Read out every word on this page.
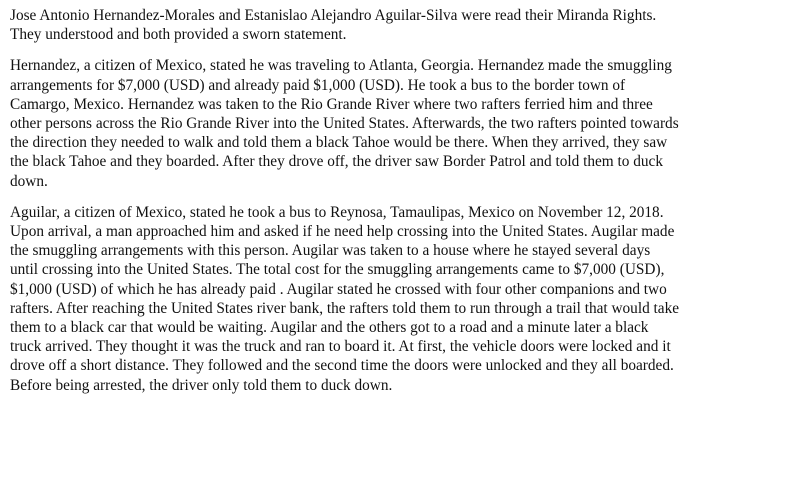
Jose Antonio Hernandez-Morales and Estanislao Alejandro Aguilar-Silva were read their Miranda Rights.
They understood and both provided a sworn statement.

Hernandez, a citizen of Mexico, stated he was traveling to Atlanta, Georgia. Hernandez made the smuggling
arrangements for $7,000 (USD) and already paid $1,000 (USD). He took a bus to the border town of
Camargo, Mexico. Hernandez was taken to the Rio Grande River where two rafters ferried him and three
other persons across the Rio Grande River into the United States. Afterwards, the two rafters pointed towards
the direction they needed to walk and told them a black Tahoe would be there. When they arrived, they saw
the black Tahoe and they boarded. After they drove off, the driver saw Border Patrol and told them to duck
down.

Aguilar, a citizen of Mexico, stated he took a bus to Reynosa, Tamaulipas, Mexico on November 12, 2018.
Upon arrival, a man approached him and asked if he need help crossing into the United States. Augilar made
the smuggling arrangements with this person. Augilar was taken to a house where he stayed several days
until crossing into the United States. The total cost for the smuggling arrangements came to $7,000 (USD),
$1,000 (USD) of which he has already paid . Augilar stated he crossed with four other companions and two
rafters. After reaching the United States river bank, the rafters told them to run through a trail that would take
them to a black car that would be waiting. Augilar and the others got to a road and a minute later a black
truck arrived. They thought it was the truck and ran to board it. At first, the vehicle doors were locked and it
drove off a short distance. They followed and the second time the doors were unlocked and they all boarded.
Before being arrested, the driver only told them to duck down.
